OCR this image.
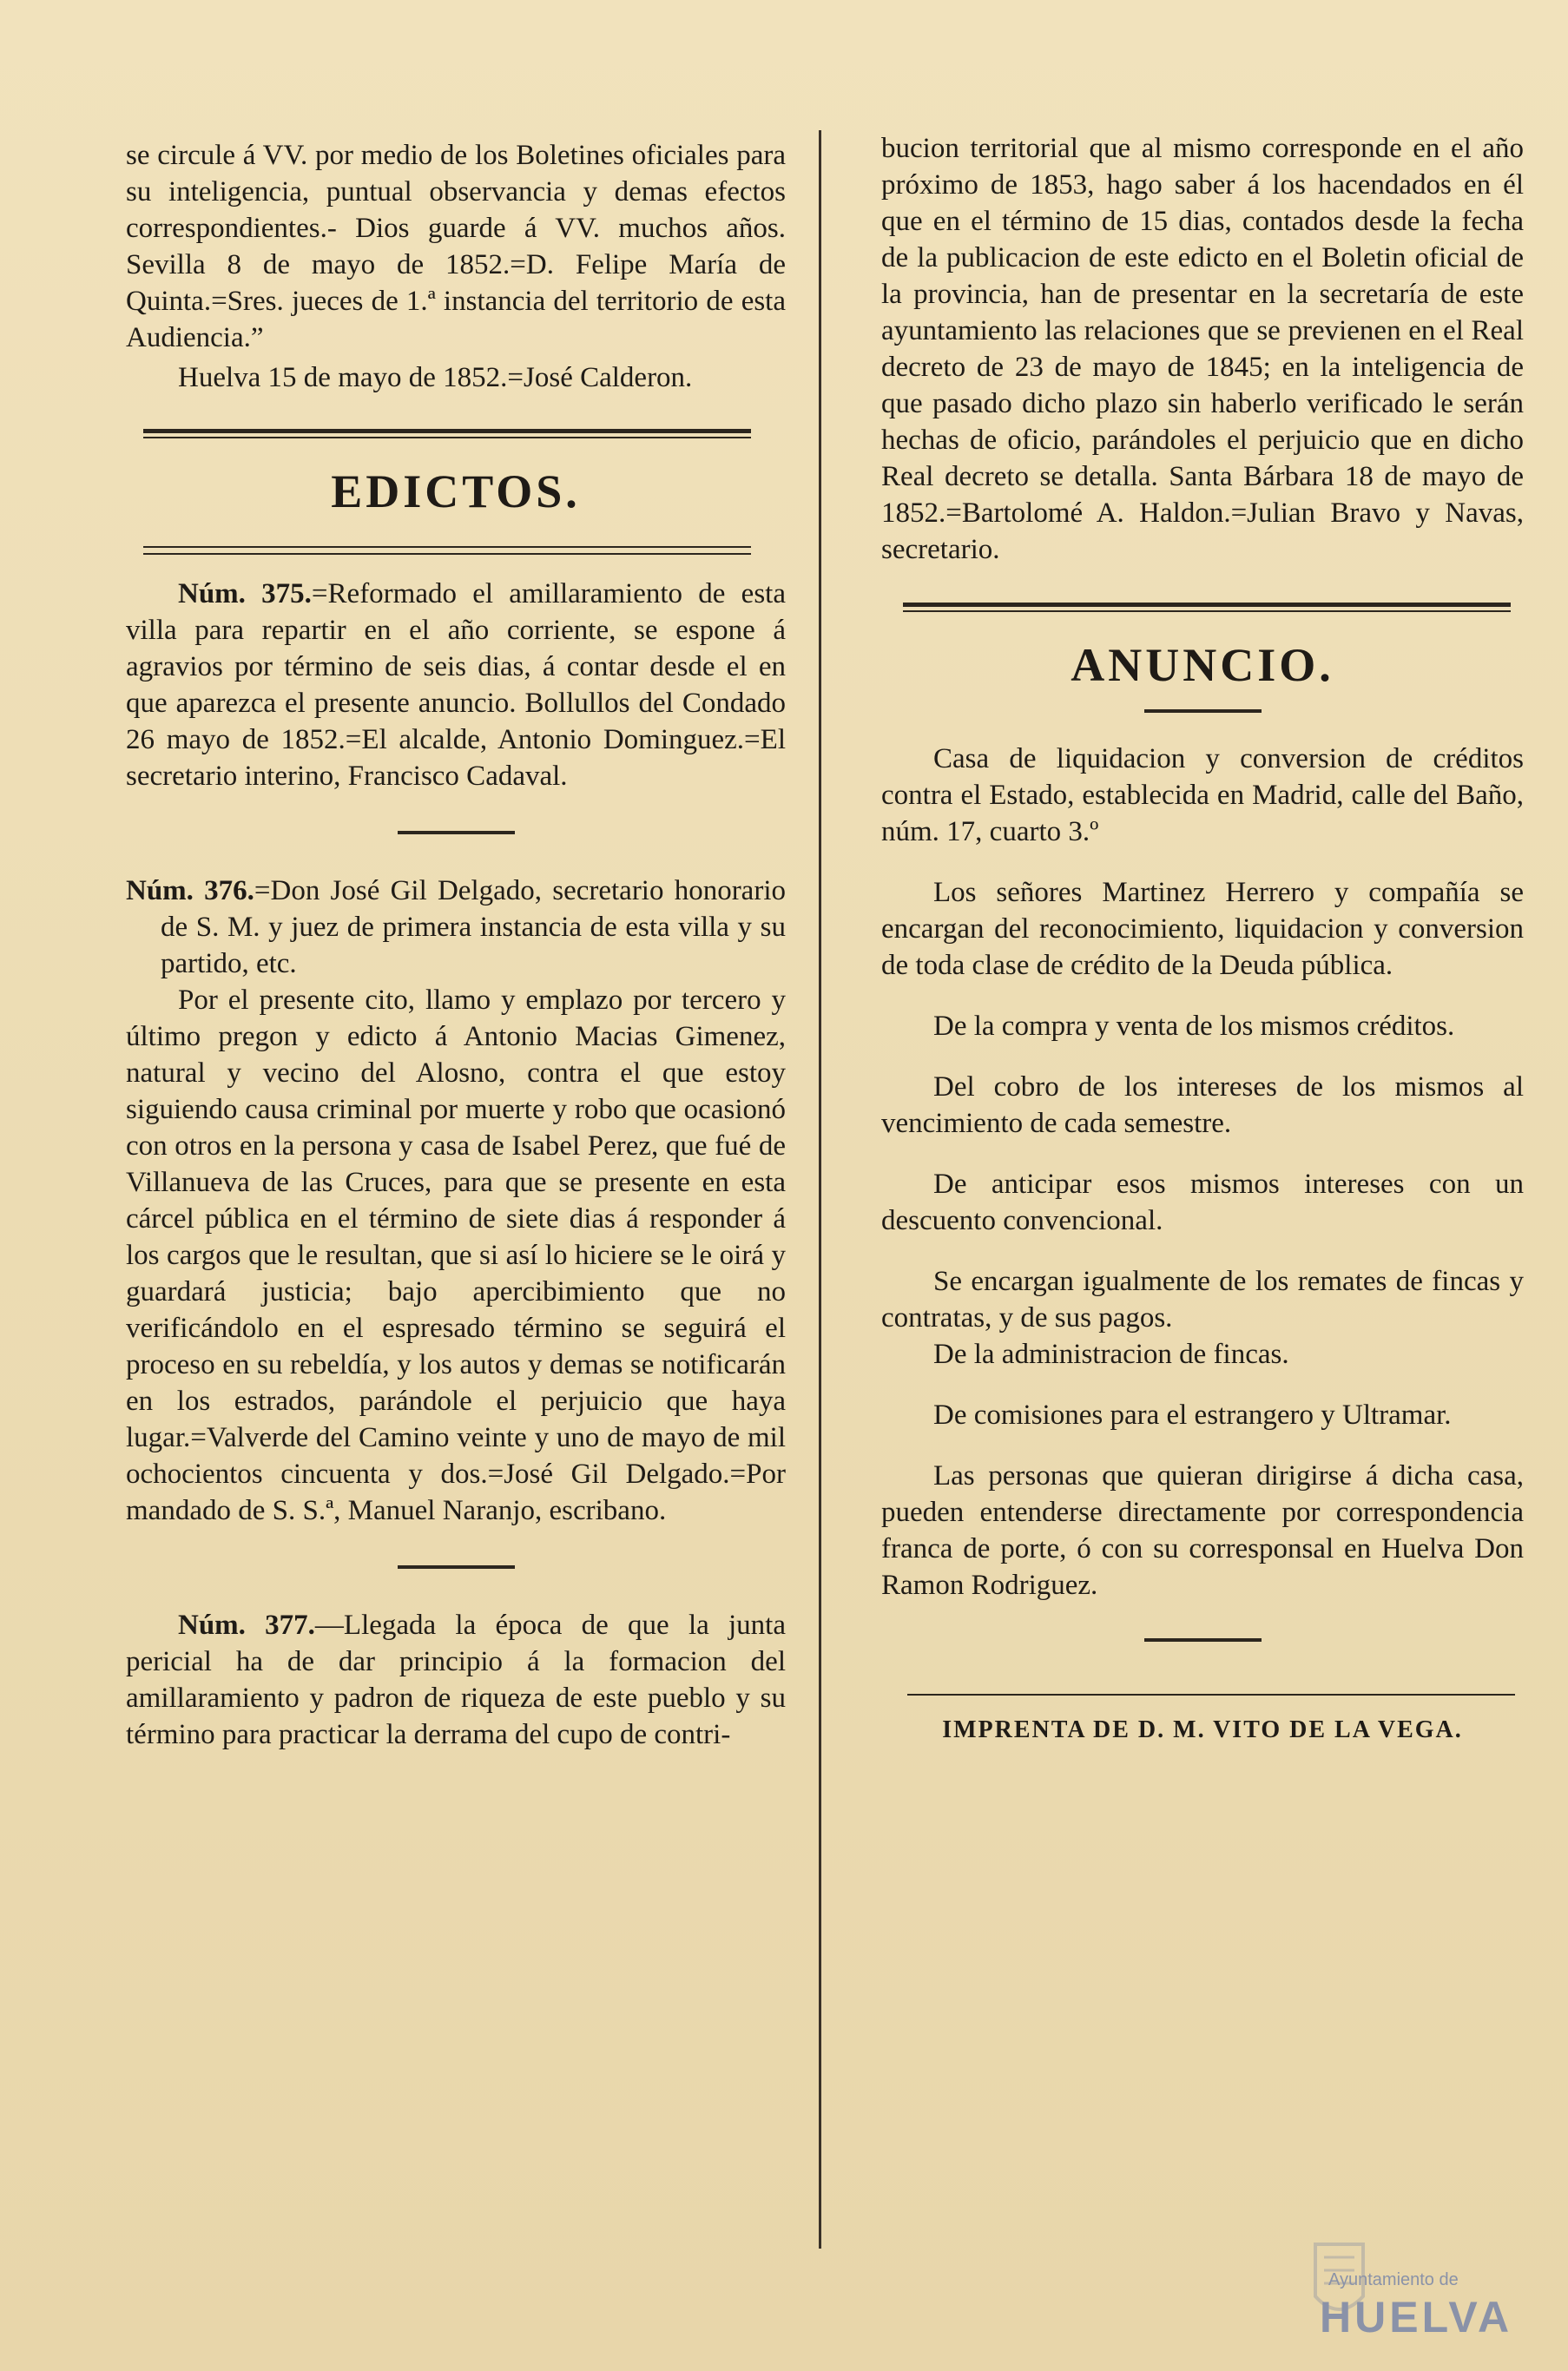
se circule á VV. por medio de los Boletines oficiales para su inteligencia, puntual observancia y demas efectos correspondientes.- Dios guarde á VV. muchos años. Sevilla 8 de mayo de 1852.=D. Felipe María de Quinta.=Sres. jueces de 1.ª instancia del territorio de esta Audiencia.”

Huelva 15 de mayo de 1852.=José Calderon.

EDICTOS.

Núm. 375.=Reformado el amillaramiento de esta villa para repartir en el año corriente, se espone á agravios por término de seis dias, á contar desde el en que aparezca el presente anuncio. Bollullos del Condado 26 mayo de 1852.=El alcalde, Antonio Dominguez.=El secretario interino, Francisco Cadaval.

Núm. 376.=Don José Gil Delgado, secretario honorario de S. M. y juez de primera instancia de esta villa y su partido, etc.

Por el presente cito, llamo y emplazo por tercero y último pregon y edicto á Antonio Macias Gimenez, natural y vecino del Alosno, contra el que estoy siguiendo causa criminal por muerte y robo que ocasionó con otros en la persona y casa de Isabel Perez, que fué de Villanueva de las Cruces, para que se presente en esta cárcel pública en el término de siete dias á responder á los cargos que le resultan, que si así lo hiciere se le oirá y guardará justicia; bajo apercibimiento que no verificándolo en el espresado término se seguirá el proceso en su rebeldía, y los autos y demas se notificarán en los estrados, parándole el perjuicio que haya lugar.=Valverde del Camino veinte y uno de mayo de mil ochocientos cincuenta y dos.=José Gil Delgado.=Por mandado de S. S.ª, Manuel Naranjo, escribano.

Núm. 377.—Llegada la época de que la junta pericial ha de dar principio á la formacion del amillaramiento y padron de riqueza de este pueblo y su término para practicar la derrama del cupo de contri-

bucion territorial que al mismo corresponde en el año próximo de 1853, hago saber á los hacendados en él que en el término de 15 dias, contados desde la fecha de la publicacion de este edicto en el Boletin oficial de la provincia, han de presentar en la secretaría de este ayuntamiento las relaciones que se previenen en el Real decreto de 23 de mayo de 1845; en la inteligencia de que pasado dicho plazo sin haberlo verificado le serán hechas de oficio, parándoles el perjuicio que en dicho Real decreto se detalla. Santa Bárbara 18 de mayo de 1852.=Bartolomé A. Haldon.=Julian Bravo y Navas, secretario.

ANUNCIO.

Casa de liquidacion y conversion de créditos contra el Estado, establecida en Madrid, calle del Baño, núm. 17, cuarto 3.º

Los señores Martinez Herrero y compañía se encargan del reconocimiento, liquidacion y conversion de toda clase de crédito de la Deuda pública.

De la compra y venta de los mismos créditos.

Del cobro de los intereses de los mismos al vencimiento de cada semestre.

De anticipar esos mismos intereses con un descuento convencional.

Se encargan igualmente de los remates de fincas y contratas, y de sus pagos.

De la administracion de fincas.

De comisiones para el estrangero y Ultramar.

Las personas que quieran dirigirse á dicha casa, pueden entenderse directamente por correspondencia franca de porte, ó con su corresponsal en Huelva Don Ramon Rodriguez.

IMPRENTA DE D. M. VITO DE LA VEGA.

Ayuntamiento de
HUELVA
